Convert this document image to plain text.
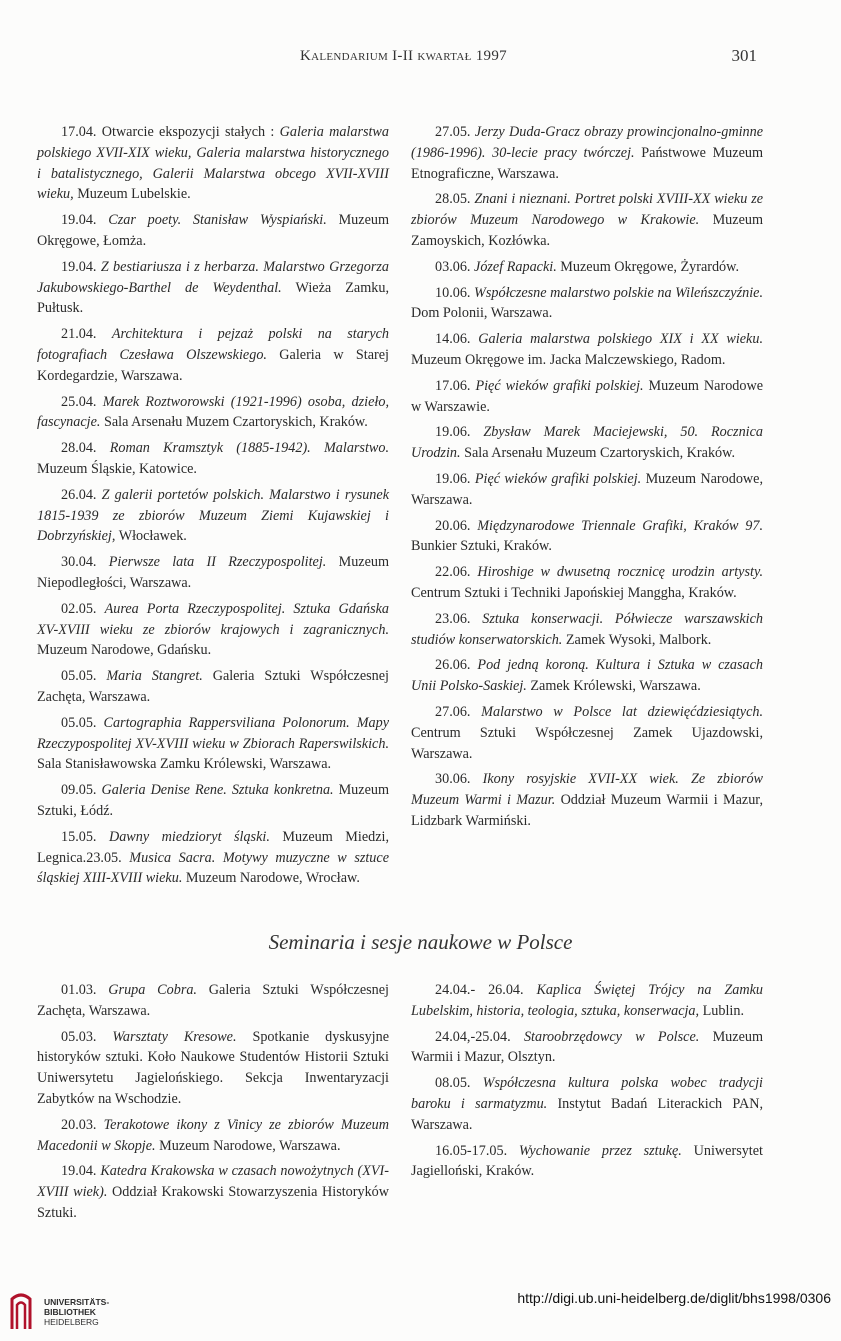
Kalendarium I-II kwartał 1997	301

17.04. Otwarcie ekspozycji stałych : Galeria malarstwa polskiego XVII-XIX wieku, Galeria malarstwa historycznego i batalistycznego, Galerii Malarstwa obcego XVII-XVIII wieku, Muzeum Lubelskie.

19.04. Czar poety. Stanisław Wyspiański. Muzeum Okręgowe, Łomża.

19.04. Z bestiariusza i z herbarza. Malarstwo Grzegorza Jakubowskiego-Barthel de Weydenthal. Wieża Zamku, Pułtusk.

21.04. Architektura i pejzaż polski na starych fotografiach Czesława Olszewskiego. Galeria w Starej Kordegardzie, Warszawa.

25.04. Marek Roztworowski (1921-1996) osoba, dzieło, fascynacje. Sala Arsenału Muzem Czartoryskich, Kraków.

28.04. Roman Kramsztyk (1885-1942). Malarstwo. Muzeum Śląskie, Katowice.

26.04. Z galerii portetów polskich. Malarstwo i rysunek 1815-1939 ze zbiorów Muzeum Ziemi Kujawskiej i Dobrzyńskiej, Włocławek.

30.04. Pierwsze lata II Rzeczypospolitej. Muzeum Niepodległości, Warszawa.

02.05. Aurea Porta Rzeczypospolitej. Sztuka Gdańska XV-XVIII wieku ze zbiorów krajowych i zagranicznych. Muzeum Narodowe, Gdańsku.

05.05. Maria Stangret. Galeria Sztuki Współczesnej Zachęta, Warszawa.

05.05. Cartographia Rappersviliana Polonorum. Mapy Rzeczypospolitej XV-XVIII wieku w Zbiorach Raperswilskich. Sala Stanisławowska Zamku Królewski, Warszawa.

09.05. Galeria Denise Rene. Sztuka konkretna. Muzeum Sztuki, Łódź.

15.05. Dawny miedzioryt śląski. Muzeum Miedzi, Legnica.23.05. Musica Sacra. Motywy muzyczne w sztuce śląskiej XIII-XVIII wieku. Muzeum Narodowe, Wrocław.

27.05. Jerzy Duda-Gracz obrazy prowincjonalno-gminne (1986-1996). 30-lecie pracy twórczej. Państwowe Muzeum Etnograficzne, Warszawa.

28.05. Znani i nieznani. Portret polski XVIII-XX wieku ze zbiorów Muzeum Narodowego w Krakowie. Muzeum Zamoyskich, Kozłówka.

03.06. Józef Rapacki. Muzeum Okręgowe, Żyrardów.

10.06. Współczesne malarstwo polskie na Wileńszczyźnie. Dom Polonii, Warszawa.

14.06. Galeria malarstwa polskiego XIX i XX wieku. Muzeum Okręgowe im. Jacka Malczewskiego, Radom.

17.06. Pięć wieków grafiki polskiej. Muzeum Narodowe w Warszawie.

19.06. Zbysław Marek Maciejewski, 50. Rocznica Urodzin. Sala Arsenału Muzeum Czartoryskich, Kraków.

19.06. Pięć wieków grafiki polskiej. Muzeum Narodowe, Warszawa.

20.06. Międzynarodowe Triennale Grafiki, Kraków 97. Bunkier Sztuki, Kraków.

22.06. Hiroshige w dwusetną rocznicę urodzin artysty. Centrum Sztuki i Techniki Japońskiej Manggha, Kraków.

23.06. Sztuka konserwacji. Półwiecze warszawskich studiów konserwatorskich. Zamek Wysoki, Malbork.

26.06. Pod jedną koroną. Kultura i Sztuka w czasach Unii Polsko-Saskiej. Zamek Królewski, Warszawa.

27.06. Malarstwo w Polsce lat dziewięćdziesiątych. Centrum Sztuki Współczesnej Zamek Ujazdowski, Warszawa.

30.06. Ikony rosyjskie XVII-XX wiek. Ze zbiorów Muzeum Warmi i Mazur. Oddział Muzeum Warmii i Mazur, Lidzbark Warmiński.

Seminaria i sesje naukowe w Polsce

01.03. Grupa Cobra. Galeria Sztuki Współczesnej Zachęta, Warszawa.

05.03. Warsztaty Kresowe. Spotkanie dyskusyjne historyków sztuki. Koło Naukowe Studentów Historii Sztuki Uniwersytetu Jagielońskiego. Sekcja Inwentaryzacji Zabytków na Wschodzie.

20.03. Terakotowe ikony z Vinicy ze zbiorów Muzeum Macedonii w Skopje. Muzeum Narodowe, Warszawa.

19.04. Katedra Krakowska w czasach nowożytnych (XVI-XVIII wiek). Oddział Krakowski Stowarzyszenia Historyków Sztuki.

24.04.- 26.04. Kaplica Świętej Trójcy na Zamku Lubelskim, historia, teologia, sztuka, konserwacja, Lublin.

24.04,-25.04. Staroobrzędowcy w Polsce. Muzeum Warmii i Mazur, Olsztyn.

08.05. Współczesna kultura polska wobec tradycji baroku i sarmatyzmu. Instytut Badań Literackich PAN, Warszawa.

16.05-17.05. Wychowanie przez sztukę. Uniwersytet Jagielloński, Kraków.

UNIVERSITÄTS-
BIBLIOTHEK
HEIDELBERG
http://digi.ub.uni-heidelberg.de/diglit/bhs1998/0306
